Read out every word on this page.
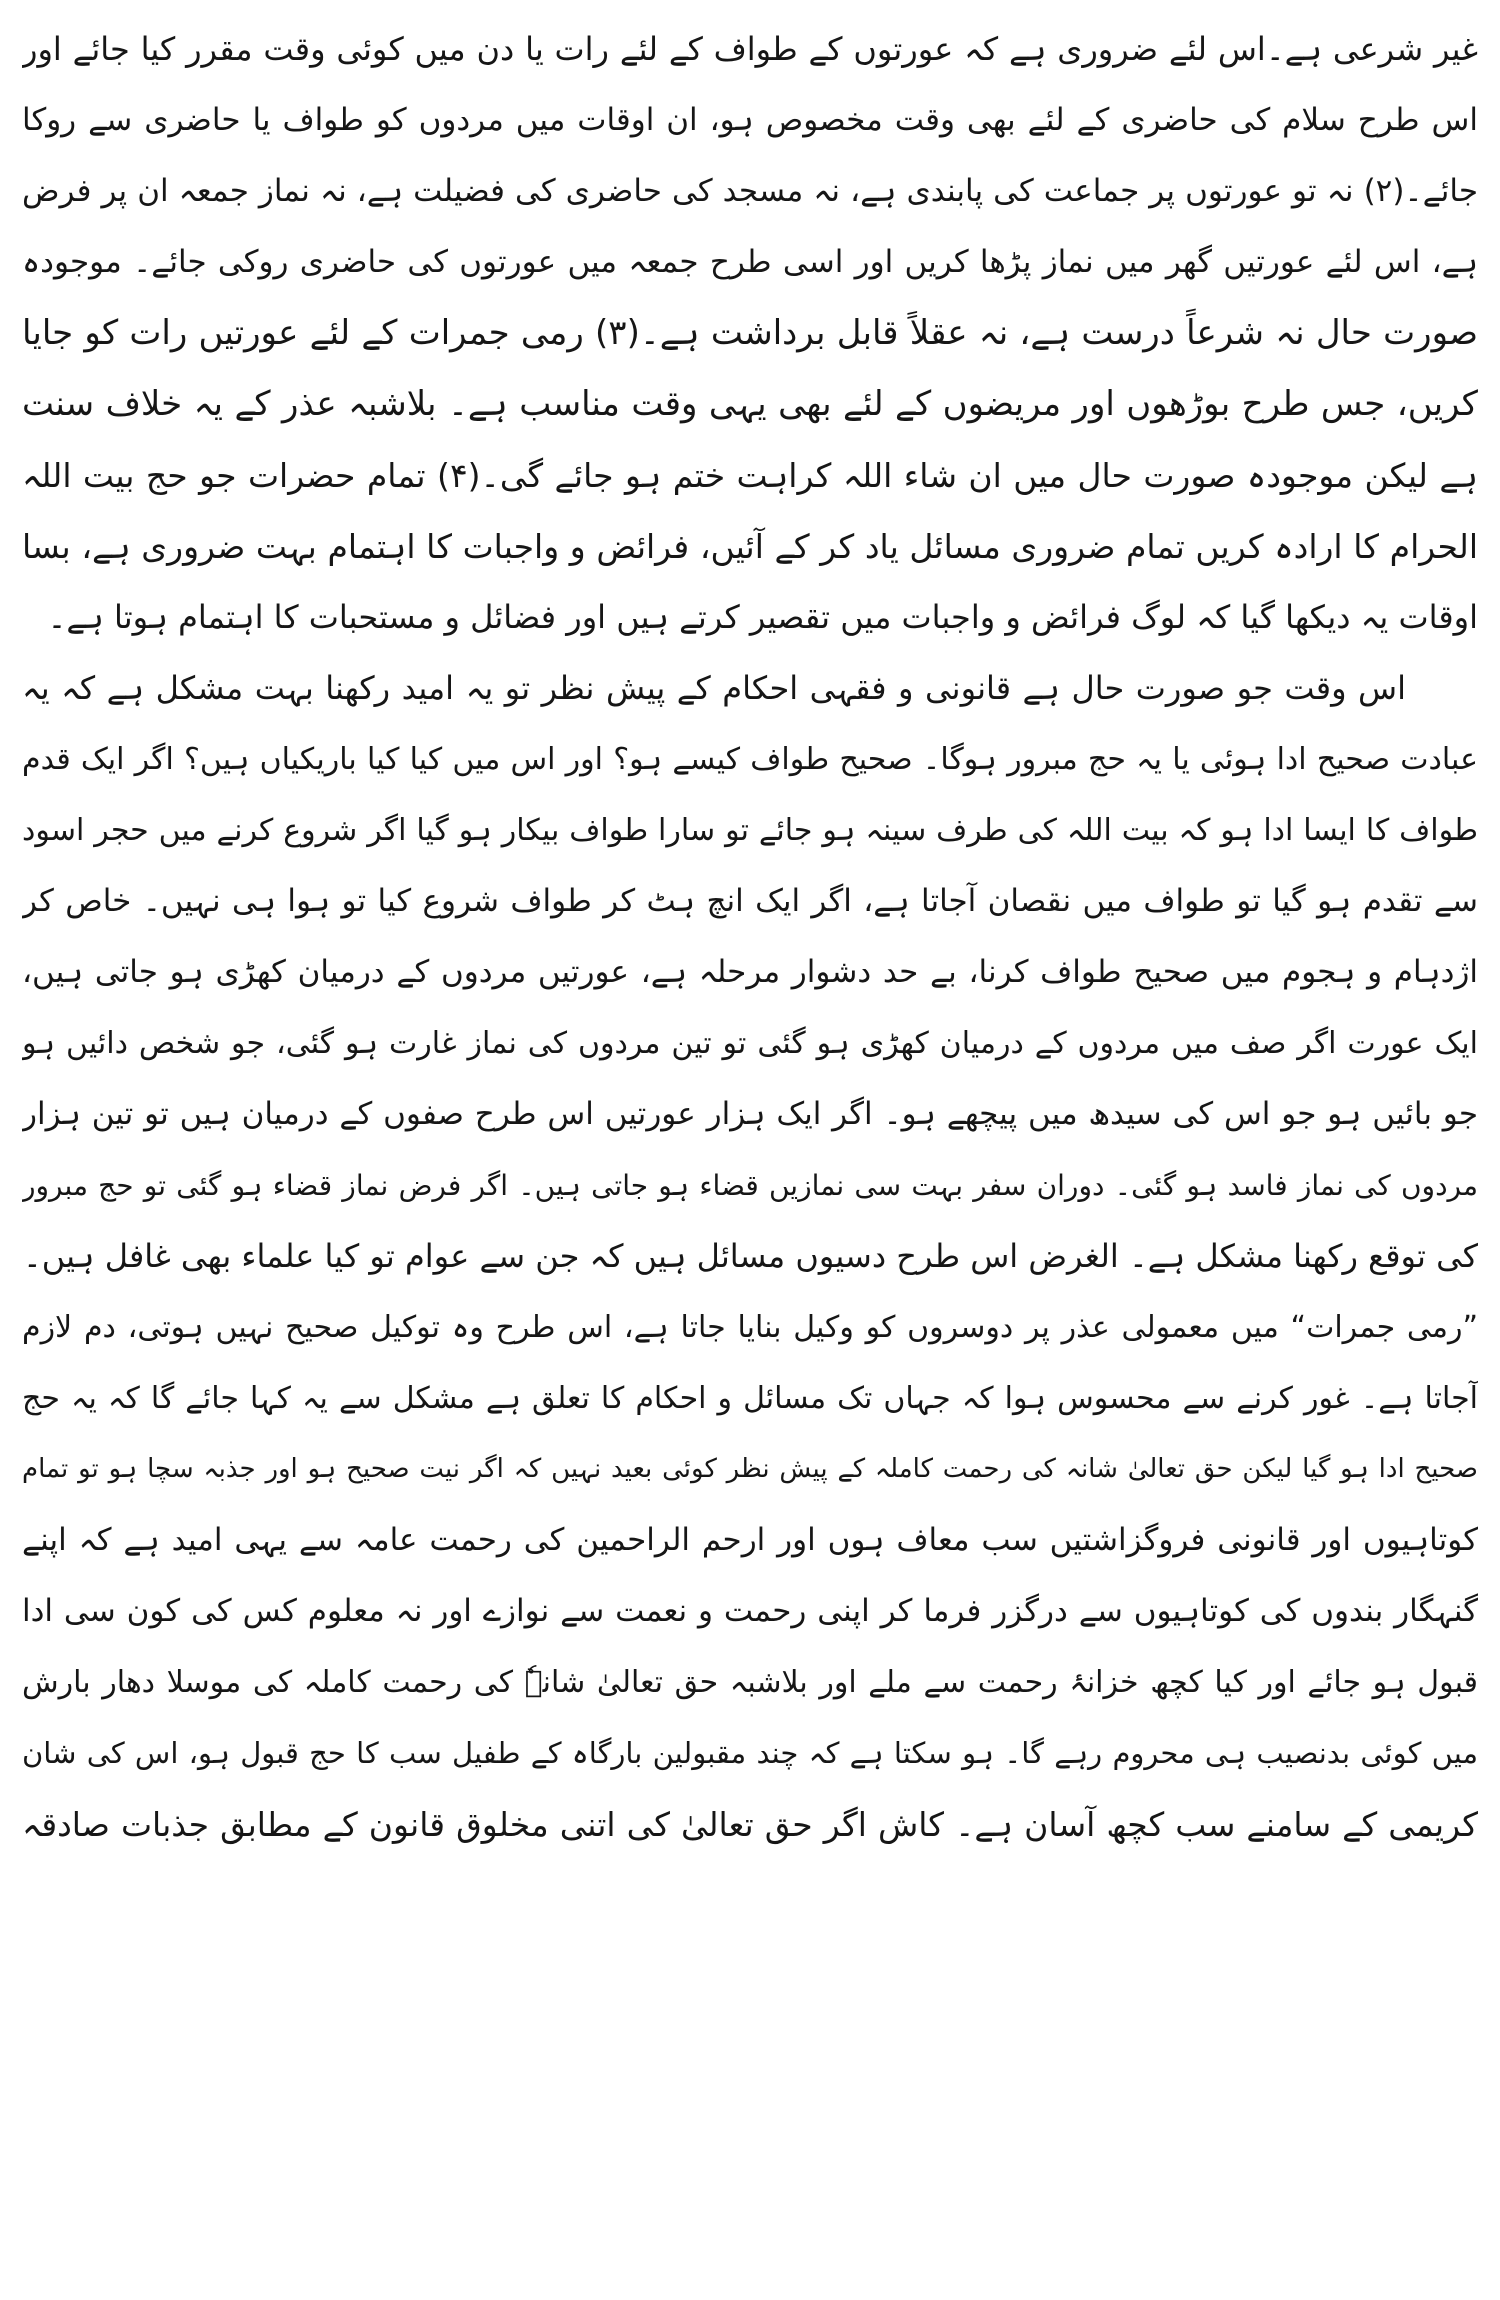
غیر شرعی ہے۔اس لئے ضروری ہے کہ عورتوں کے طواف کے لئے رات یا دن میں کوئی وقت مقرر کیا جائے اور
اس طرح سلام کی حاضری کے لئے بھی وقت مخصوص ہو، ان اوقات میں مردوں کو طواف یا حاضری سے روکا
جائے۔(۲) نہ تو عورتوں پر جماعت کی پابندی ہے، نہ مسجد کی حاضری کی فضیلت ہے، نہ نماز جمعہ ان پر فرض
ہے، اس لئے عورتیں گھر میں نماز پڑھا کریں اور اسی طرح جمعہ میں عورتوں کی حاضری روکی جائے۔ موجودہ
صورت حال نہ شرعاً درست ہے، نہ عقلاً قابل برداشت ہے۔(۳) رمی جمرات کے لئے عورتیں رات کو جایا
کریں، جس طرح بوڑھوں اور مریضوں کے لئے بھی یہی وقت مناسب ہے۔ بلاشبہ عذر کے یہ خلاف سنت
ہے لیکن موجودہ صورت حال میں ان شاء اللہ کراہت ختم ہو جائے گی۔(۴) تمام حضرات جو حج بیت اللہ
الحرام کا ارادہ کریں تمام ضروری مسائل یاد کر کے آئیں، فرائض و واجبات کا اہتمام بہت ضروری ہے، بسا
اوقات یہ دیکھا گیا کہ لوگ فرائض و واجبات میں تقصیر کرتے ہیں اور فضائل و مستحبات کا اہتمام ہوتا ہے۔
اس وقت جو صورت حال ہے قانونی و فقہی احکام کے پیش نظر تو یہ امید رکھنا بہت مشکل ہے کہ یہ
عبادت صحیح ادا ہوئی یا یہ حج مبرور ہوگا۔ صحیح طواف کیسے ہو؟ اور اس میں کیا کیا باریکیاں ہیں؟ اگر ایک قدم
طواف کا ایسا ادا ہو کہ بیت اللہ کی طرف سینہ ہو جائے تو سارا طواف بیکار ہو گیا اگر شروع کرنے میں حجر اسود
سے تقدم ہو گیا تو طواف میں نقصان آجاتا ہے، اگر ایک انچ ہٹ کر طواف شروع کیا تو ہوا ہی نہیں۔ خاص کر
اژدہام و ہجوم میں صحیح طواف کرنا، بے حد دشوار مرحلہ ہے، عورتیں مردوں کے درمیان کھڑی ہو جاتی ہیں،
ایک عورت اگر صف میں مردوں کے درمیان کھڑی ہو گئی تو تین مردوں کی نماز غارت ہو گئی، جو شخص دائیں ہو
جو بائیں ہو جو اس کی سیدھ میں پیچھے ہو۔ اگر ایک ہزار عورتیں اس طرح صفوں کے درمیان ہیں تو تین ہزار
مردوں کی نماز فاسد ہو گئی۔ دوران سفر بہت سی نمازیں قضاء ہو جاتی ہیں۔ اگر فرض نماز قضاء ہو گئی تو حج مبرور
کی توقع رکھنا مشکل ہے۔ الغرض اس طرح دسیوں مسائل ہیں کہ جن سے عوام تو کیا علماء بھی غافل ہیں۔
”رمی جمرات“ میں معمولی عذر پر دوسروں کو وکیل بنایا جاتا ہے، اس طرح وہ توکیل صحیح نہیں ہوتی، دم لازم
آجاتا ہے۔ غور کرنے سے محسوس ہوا کہ جہاں تک مسائل و احکام کا تعلق ہے مشکل سے یہ کہا جائے گا کہ یہ حج
صحیح ادا ہو گیا لیکن حق تعالیٰ شانہ کی رحمت کاملہ کے پیش نظر کوئی بعید نہیں کہ اگر نیت صحیح ہو اور جذبہ سچا ہو تو تمام
کوتاہیوں اور قانونی فروگزاشتیں سب معاف ہوں اور ارحم الراحمین کی رحمت عامہ سے یہی امید ہے کہ اپنے
گنہگار بندوں کی کوتاہیوں سے درگزر فرما کر اپنی رحمت و نعمت سے نوازے اور نہ معلوم کس کی کون سی ادا
قبول ہو جائے اور کیا کچھ خزانۂ رحمت سے ملے اور بلاشبہ حق تعالیٰ شانہٗ کی رحمت کاملہ کی موسلا دھار بارش
میں کوئی بدنصیب ہی محروم رہے گا۔ ہو سکتا ہے کہ چند مقبولین بارگاہ کے طفیل سب کا حج قبول ہو، اس کی شان
کریمی کے سامنے سب کچھ آسان ہے۔ کاش اگر حق تعالیٰ کی اتنی مخلوق قانون کے مطابق جذبات صادقہ
